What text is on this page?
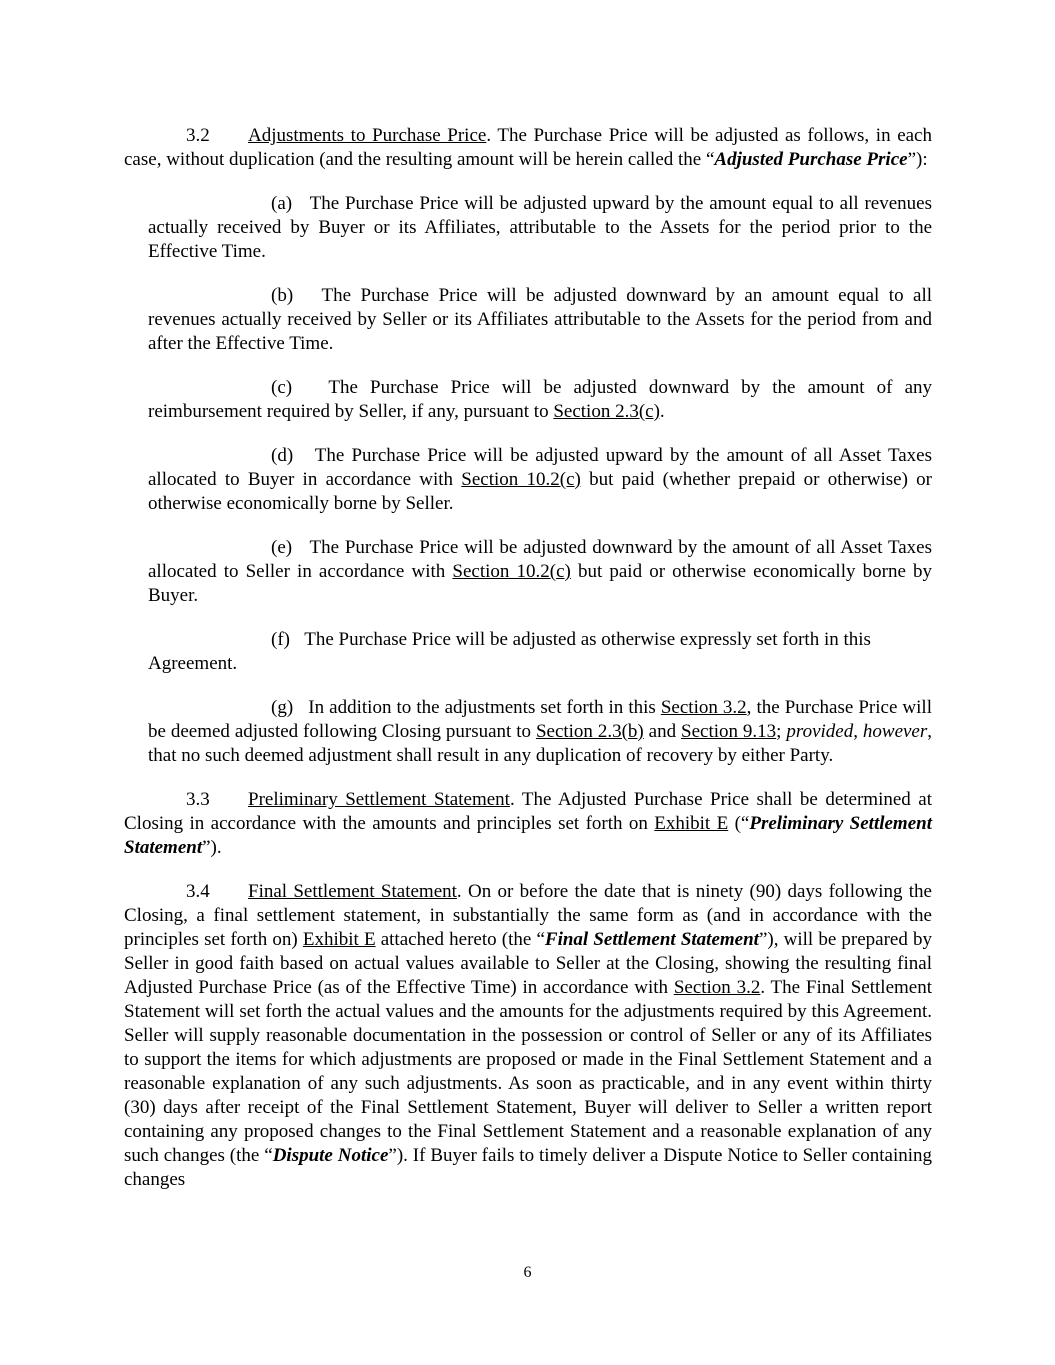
3.2 Adjustments to Purchase Price. The Purchase Price will be adjusted as follows, in each case, without duplication (and the resulting amount will be herein called the “Adjusted Purchase Price”):

(a) The Purchase Price will be adjusted upward by the amount equal to all revenues actually received by Buyer or its Affiliates, attributable to the Assets for the period prior to the Effective Time.

(b) The Purchase Price will be adjusted downward by an amount equal to all revenues actually received by Seller or its Affiliates attributable to the Assets for the period from and after the Effective Time.

(c) The Purchase Price will be adjusted downward by the amount of any reimbursement required by Seller, if any, pursuant to Section 2.3(c).

(d) The Purchase Price will be adjusted upward by the amount of all Asset Taxes allocated to Buyer in accordance with Section 10.2(c) but paid (whether prepaid or otherwise) or otherwise economically borne by Seller.

(e) The Purchase Price will be adjusted downward by the amount of all Asset Taxes allocated to Seller in accordance with Section 10.2(c) but paid or otherwise economically borne by Buyer.

(f) The Purchase Price will be adjusted as otherwise expressly set forth in this Agreement.

(g) In addition to the adjustments set forth in this Section 3.2, the Purchase Price will be deemed adjusted following Closing pursuant to Section 2.3(b) and Section 9.13; provided, however, that no such deemed adjustment shall result in any duplication of recovery by either Party.

3.3 Preliminary Settlement Statement. The Adjusted Purchase Price shall be determined at Closing in accordance with the amounts and principles set forth on Exhibit E (“Preliminary Settlement Statement”).

3.4 Final Settlement Statement. On or before the date that is ninety (90) days following the Closing, a final settlement statement, in substantially the same form as (and in accordance with the principles set forth on) Exhibit E attached hereto (the “Final Settlement Statement”), will be prepared by Seller in good faith based on actual values available to Seller at the Closing, showing the resulting final Adjusted Purchase Price (as of the Effective Time) in accordance with Section 3.2. The Final Settlement Statement will set forth the actual values and the amounts for the adjustments required by this Agreement. Seller will supply reasonable documentation in the possession or control of Seller or any of its Affiliates to support the items for which adjustments are proposed or made in the Final Settlement Statement and a reasonable explanation of any such adjustments. As soon as practicable, and in any event within thirty (30) days after receipt of the Final Settlement Statement, Buyer will deliver to Seller a written report containing any proposed changes to the Final Settlement Statement and a reasonable explanation of any such changes (the “Dispute Notice”). If Buyer fails to timely deliver a Dispute Notice to Seller containing changes

6
